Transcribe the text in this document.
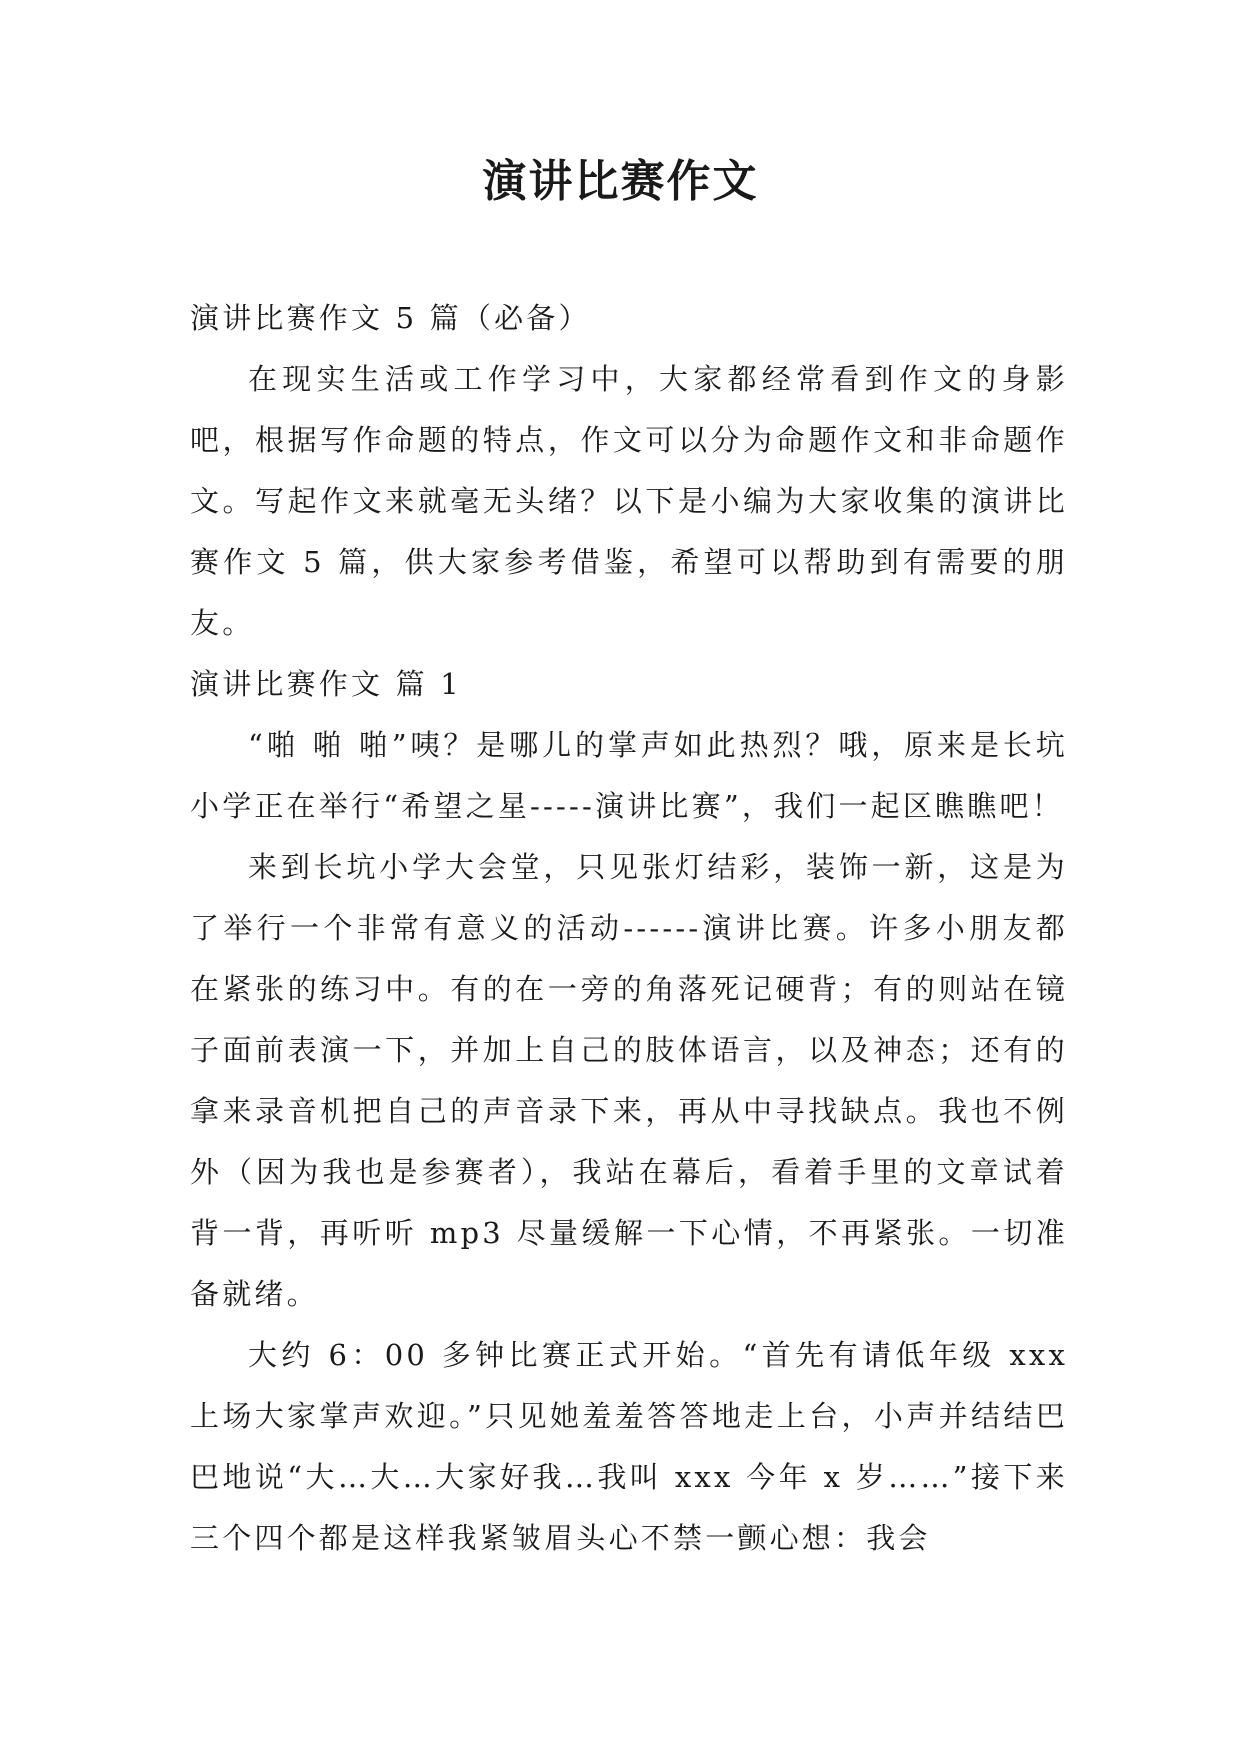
演讲比赛作文

演讲比赛作文 5 篇（必备）

在现实生活或工作学习中，大家都经常看到作文的身影吧，根据写作命题的特点，作文可以分为命题作文和非命题作文。写起作文来就毫无头绪？以下是小编为大家收集的演讲比赛作文 5 篇，供大家参考借鉴，希望可以帮助到有需要的朋友。

演讲比赛作文 篇 1

“啪 啪 啪”咦？是哪儿的掌声如此热烈？哦，原来是长坑小学正在举行“希望之星-----演讲比赛”，我们一起区瞧瞧吧！

来到长坑小学大会堂，只见张灯结彩，装饰一新，这是为了举行一个非常有意义的活动------演讲比赛。许多小朋友都在紧张的练习中。有的在一旁的角落死记硬背；有的则站在镜子面前表演一下，并加上自己的肢体语言，以及神态；还有的拿来录音机把自己的声音录下来，再从中寻找缺点。我也不例外（因为我也是参赛者），我站在幕后，看着手里的文章试着背一背，再听听 mp3 尽量缓解一下心情，不再紧张。一切准备就绪。

大约 6：00 多钟比赛正式开始。“首先有请低年级 xxx 上场大家掌声欢迎。”只见她羞羞答答地走上台，小声并结结巴巴地说“大…大…大家好我…我叫 xxx 今年 x 岁……”接下来三个四个都是这样我紧皱眉头心不禁一颤心想：我会
